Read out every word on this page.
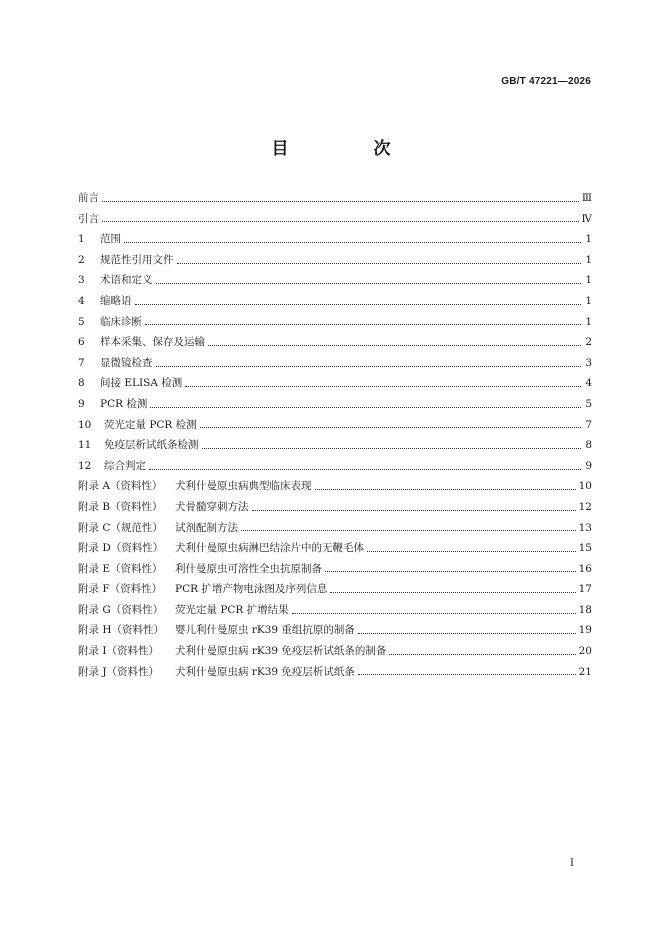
GB/T 47221—2026
目　次
前言	Ⅲ
引言	Ⅳ
1	范围	1
2	规范性引用文件	1
3	术语和定义	1
4	缩略语	1
5	临床诊断	1
6	样本采集、保存及运输	2
7	显微镜检查	3
8	间接 ELISA 检测	4
9	PCR 检测	5
10	荧光定量 PCR 检测	7
11	免疫层析试纸条检测	8
12	综合判定	9
附录 A（资料性）	犬利什曼原虫病典型临床表现	10
附录 B（资料性）	犬骨髓穿刺方法	12
附录 C（规范性）	试剂配制方法	13
附录 D（资料性）	犬利什曼原虫病淋巴结涂片中的无鞭毛体	15
附录 E（资料性）	利什曼原虫可溶性全虫抗原制备	16
附录 F（资料性）	PCR 扩增产物电泳图及序列信息	17
附录 G（资料性）	荧光定量 PCR 扩增结果	18
附录 H（资料性）	婴儿利什曼原虫 rK39 重组抗原的制备	19
附录 I（资料性）	犬利什曼原虫病 rK39 免疫层析试纸条的制备	20
附录 J（资料性）	犬利什曼原虫病 rK39 免疫层析试纸条	21
I
